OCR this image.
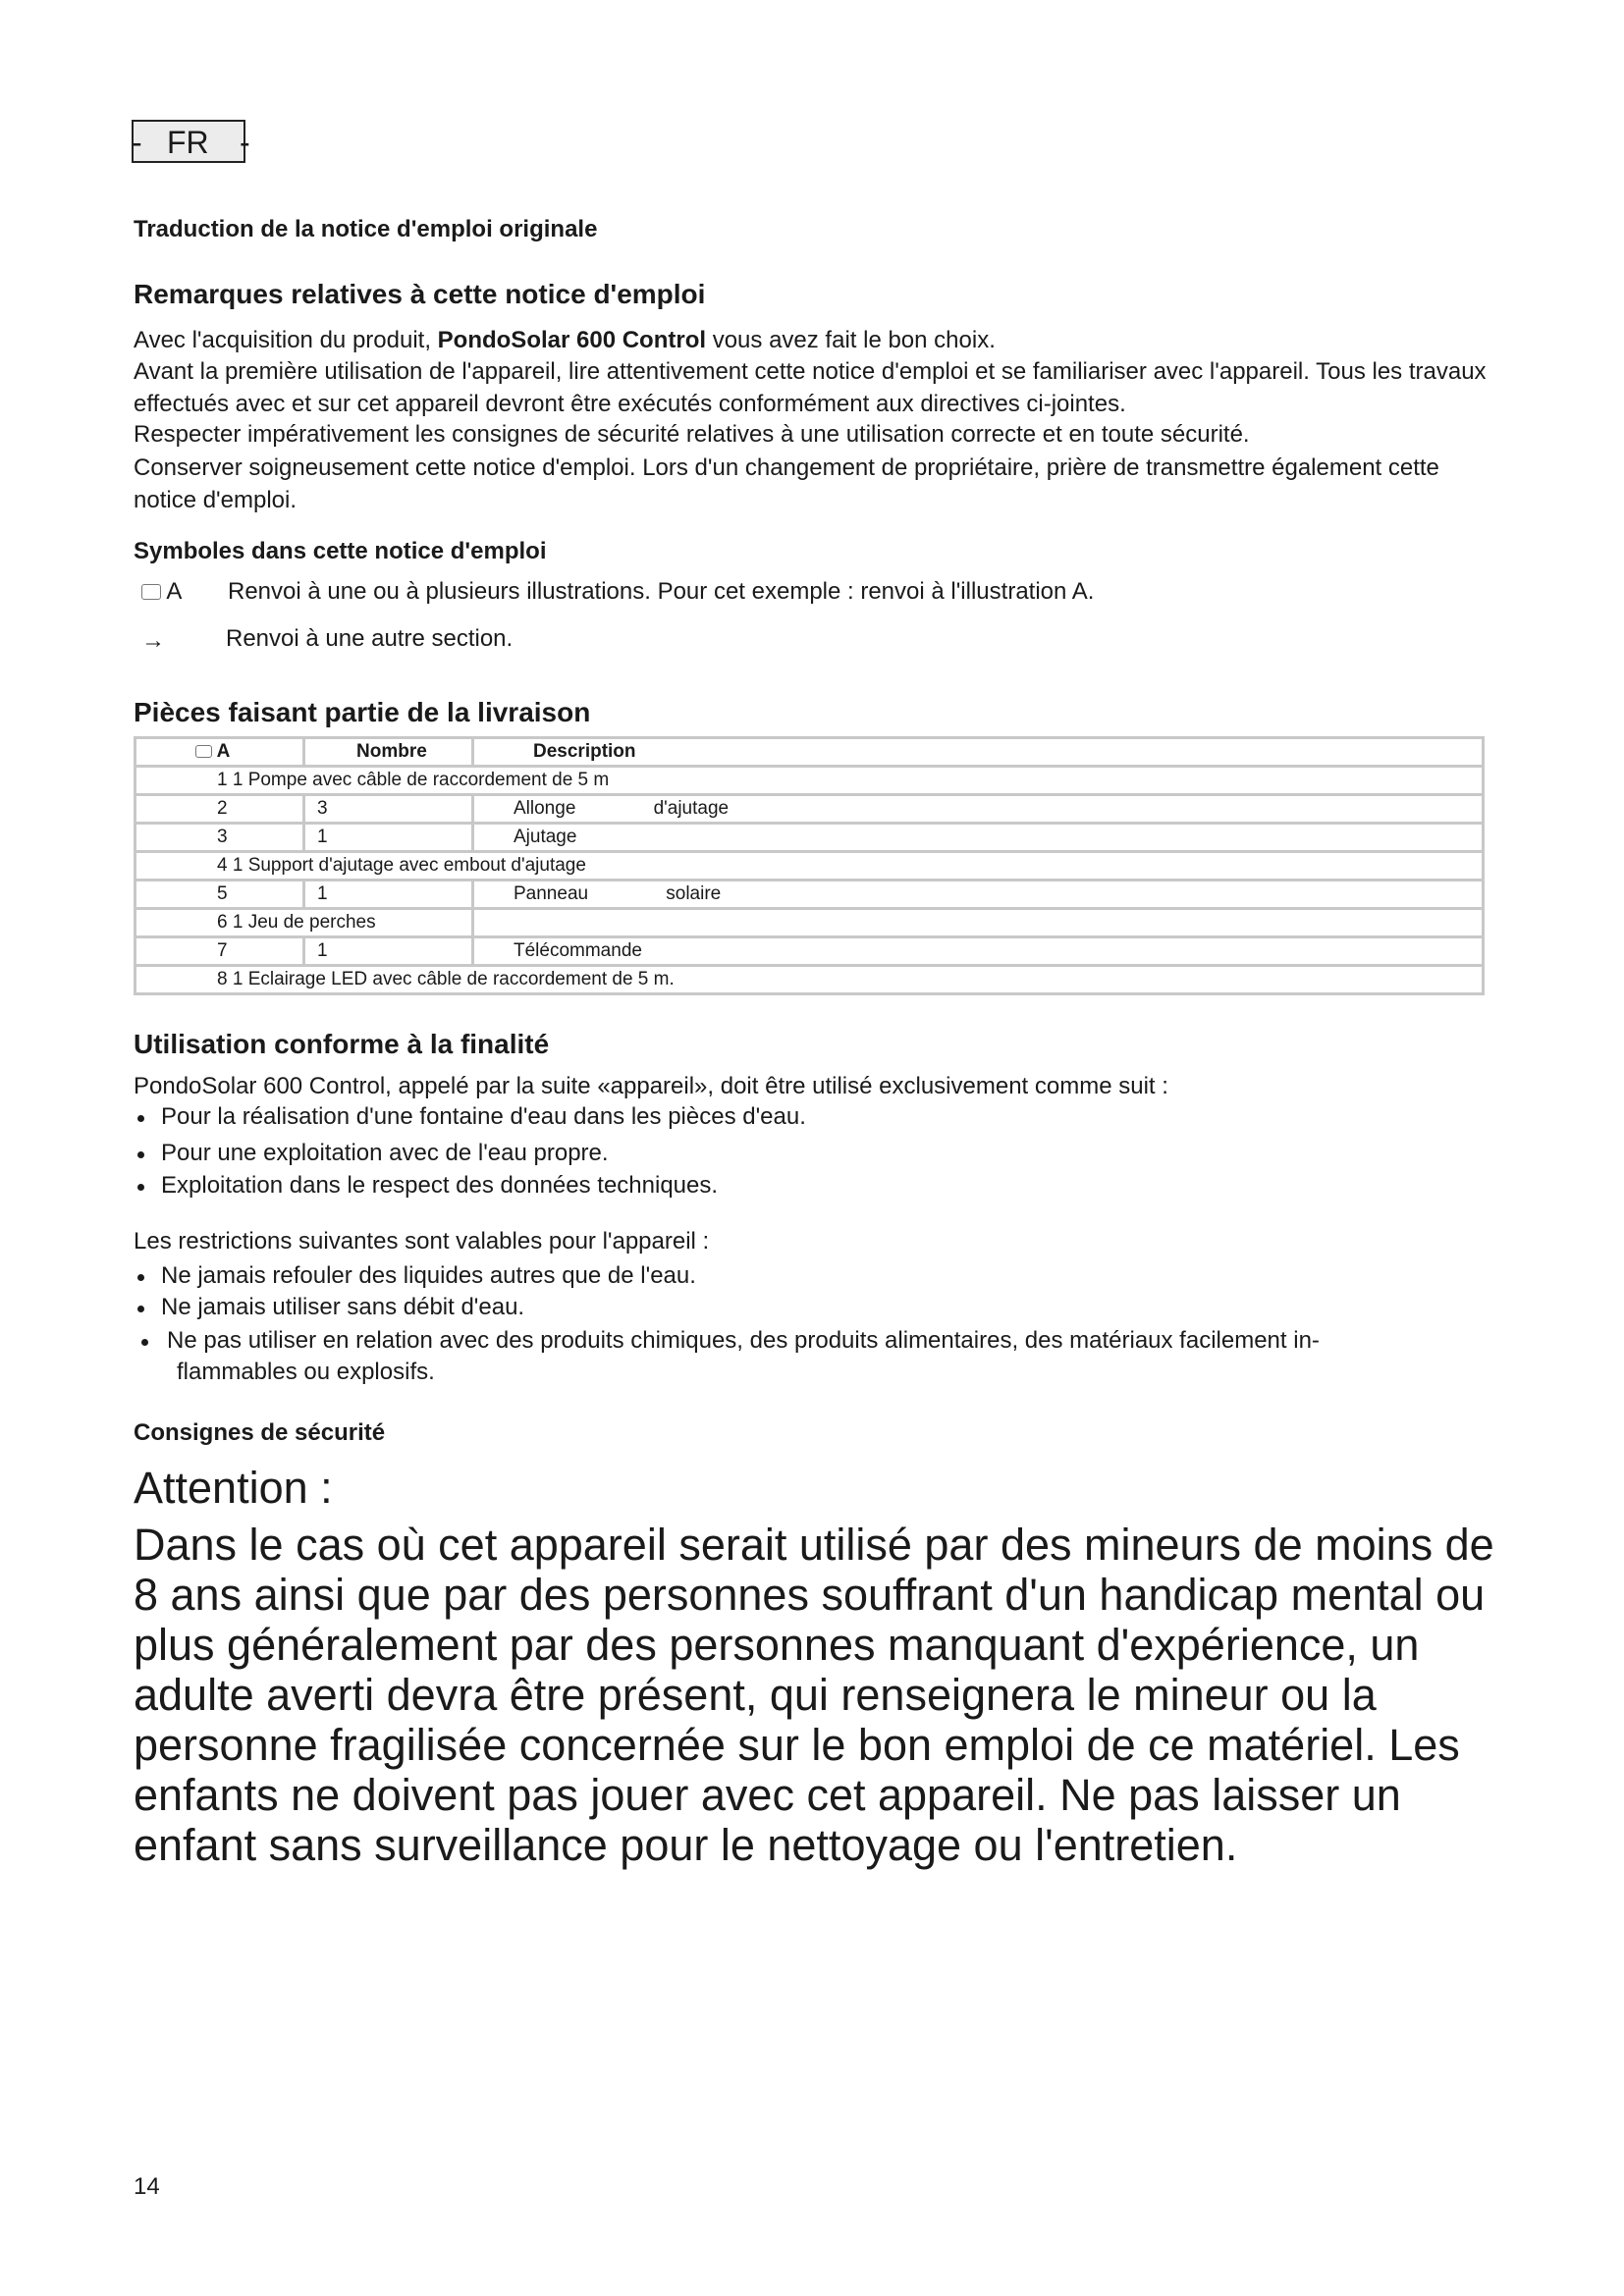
- FR -
Traduction de la notice d'emploi originale
Remarques relatives à cette notice d'emploi
Avec l'acquisition du produit, PondoSolar 600 Control vous avez fait le bon choix.
Avant la première utilisation de l'appareil, lire attentivement cette notice d'emploi et se familiariser avec l'appareil. Tous les travaux effectués avec et sur cet appareil devront être exécutés conformément aux directives ci-jointes.
Respecter impérativement les consignes de sécurité relatives à une utilisation correcte et en toute sécurité.
Conserver soigneusement cette notice d'emploi. Lors d'un changement de propriétaire, prière de transmettre également cette notice d'emploi.
Symboles dans cette notice d'emploi
A Renvoi à une ou à plusieurs illustrations. Pour cet exemple : renvoi à l'illustration A.
→	Renvoi à une autre section.
Pièces faisant partie de la livraison
A	Nombre	Description
1 1 Pompe avec câble de raccordement de 5 m		
2	3	Allonge               d'ajutage
3	1	Ajutage
4 1 Support d'ajutage avec embout d'ajutage		
5	1	Panneau               solaire
6 1 Jeu de perches		
7	1	Télécommande
8 1 Eclairage LED avec câble de raccordement de 5 m.		
Utilisation conforme à la finalité
PondoSolar 600 Control, appelé par la suite «appareil», doit être utilisé exclusivement comme suit :
Pour la réalisation d'une fontaine d'eau dans les pièces d'eau.
Pour une exploitation avec de l'eau propre.
Exploitation dans le respect des données techniques.
Les restrictions suivantes sont valables pour l'appareil :
Ne jamais refouler des liquides autres que de l'eau.
Ne jamais utiliser sans débit d'eau.
Ne pas utiliser en relation avec des produits chimiques, des produits alimentaires, des matériaux facilement in-
flammables ou explosifs.
Consignes de sécurité
Attention :
Dans le cas où cet appareil serait utilisé par des mineurs de moins de 8 ans ainsi que par des personnes souffrant d'un handicap mental ou plus généralement par des personnes manquant d'expérience, un adulte averti devra être présent, qui renseignera le mineur ou la personne fragilisée concernée sur le bon emploi de ce matériel. Les enfants ne doivent pas jouer avec cet appareil. Ne pas laisser un enfant sans surveillance pour le nettoyage ou l'entretien.
14
